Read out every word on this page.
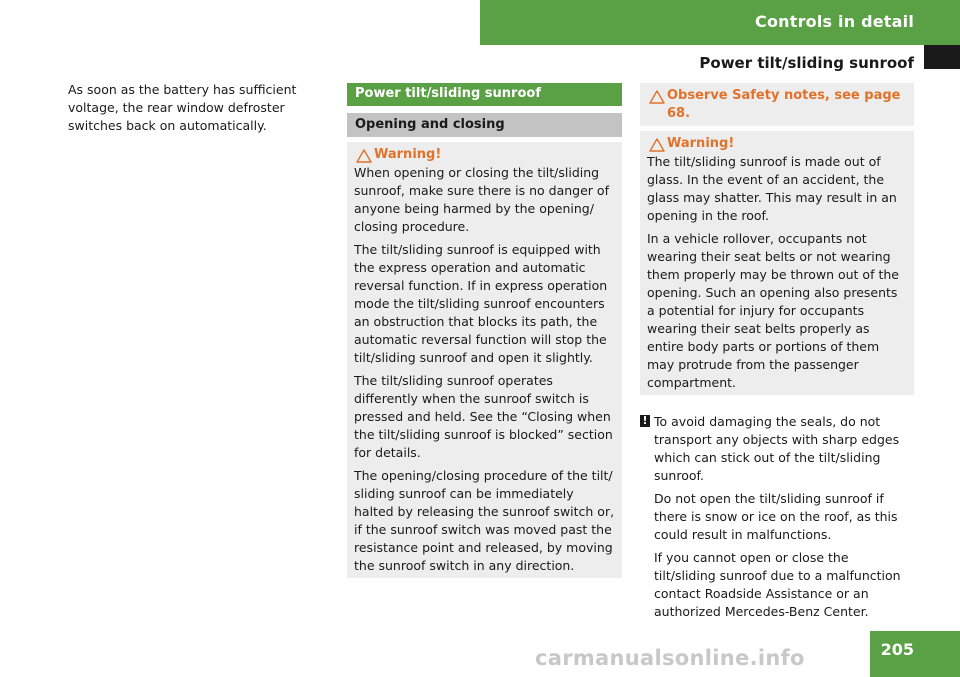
Controls in detail
Power tilt/sliding sunroof

As soon as the battery has sufficient voltage, the rear window defroster switches back on automatically.

Power tilt/sliding sunroof
Opening and closing
Warning!

When opening or closing the tilt/sliding sunroof, make sure there is no danger of anyone being harmed by the opening/ closing procedure.

The tilt/sliding sunroof is equipped with the express operation and automatic reversal function. If in express operation mode the tilt/sliding sunroof encounters an obstruction that blocks its path, the automatic reversal function will stop the tilt/sliding sunroof and open it slightly.

The tilt/sliding sunroof operates differently when the sunroof switch is pressed and held. See the “Closing when the tilt/sliding sunroof is blocked” section for details.

The opening/closing procedure of the tilt/ sliding sunroof can be immediately halted by releasing the sunroof switch or, if the sunroof switch was moved past the resistance point and released, by moving the sunroof switch in any direction.

Observe Safety notes, see page 68.
Warning!

The tilt/sliding sunroof is made out of glass. In the event of an accident, the glass may shatter. This may result in an opening in the roof.

In a vehicle rollover, occupants not wearing their seat belts or not wearing them properly may be thrown out of the opening. Such an opening also presents a potential for injury for occupants wearing their seat belts properly as entire body parts or portions of them may protrude from the passenger compartment.

! To avoid damaging the seals, do not transport any objects with sharp edges which can stick out of the tilt/sliding sunroof.

Do not open the tilt/sliding sunroof if there is snow or ice on the roof, as this could result in malfunctions.

If you cannot open or close the tilt/sliding sunroof due to a malfunction contact Roadside Assistance or an authorized Mercedes-Benz Center.

carmanualsonline.info	205
